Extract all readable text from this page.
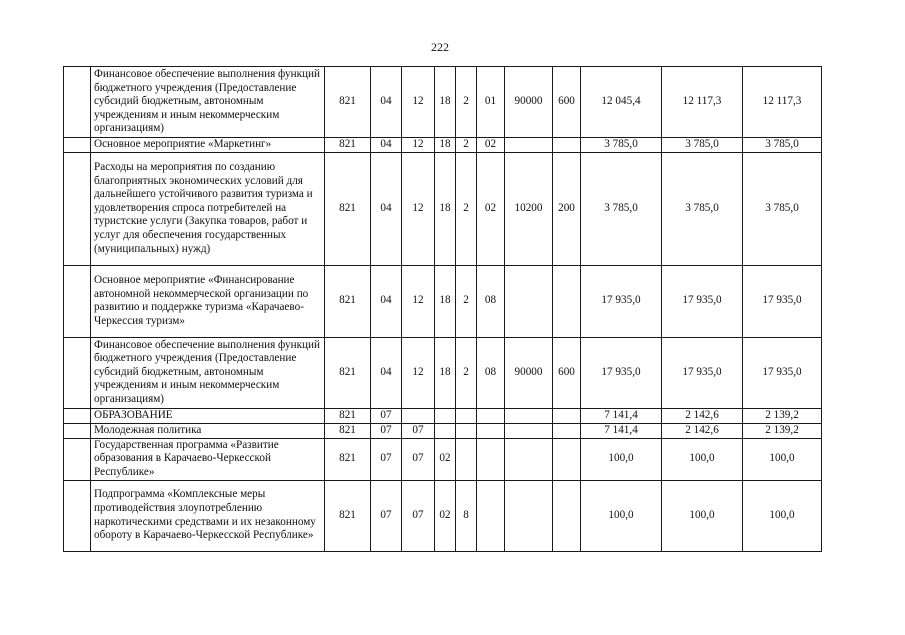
222
	Финансовое обеспечение выполнения функций бюджетного учреждения (Предоставление субсидий бюджетным, автономным учреждениям и иным некоммерческим организациям)	821	04	12	18	2	01	90000	600	12 045,4	12 117,3	12 117,3
	Основное мероприятие «Маркетинг»	821	04	12	18	2	02			3 785,0	3 785,0	3 785,0
	Расходы на мероприятия по созданию благоприятных экономических условий для дальнейшего устойчивого развития туризма и удовлетворения спроса потребителей на туристские услуги (Закупка товаров, работ и услуг для обеспечения государственных (муниципальных) нужд)	821	04	12	18	2	02	10200	200	3 785,0	3 785,0	3 785,0
	Основное мероприятие «Финансирование автономной некоммерческой организации по развитию и поддержке туризма «Карачаево-Черкессия туризм»	821	04	12	18	2	08			17 935,0	17 935,0	17 935,0
	Финансовое обеспечение выполнения функций бюджетного учреждения (Предоставление субсидий бюджетным, автономным учреждениям и иным некоммерческим организациям)	821	04	12	18	2	08	90000	600	17 935,0	17 935,0	17 935,0
	ОБРАЗОВАНИЕ	821	07							7 141,4	2 142,6	2 139,2
	Молодежная политика	821	07	07						7 141,4	2 142,6	2 139,2
	Государственная программа «Развитие образования в Карачаево-Черкесской Республике»	821	07	07	02					100,0	100,0	100,0
	Подпрограмма «Комплексные меры противодействия злоупотреблению наркотическими средствами и их незаконному обороту в Карачаево-Черкесской Республике»	821	07	07	02	8				100,0	100,0	100,0
